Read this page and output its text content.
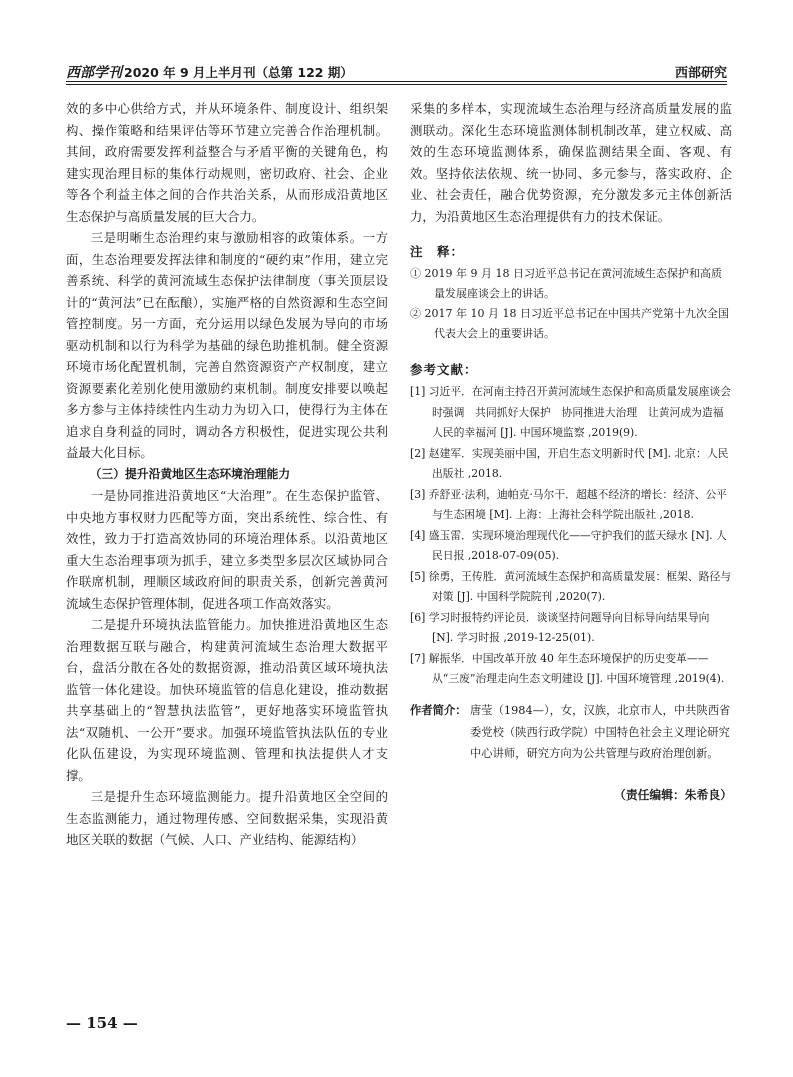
西部学刊 2020 年 9 月上半月刊（总第 122 期）	西部研究

效的多中心供给方式，并从环境条件、制度设计、组织架构、操作策略和结果评估等环节建立完善合作治理机制。其间，政府需要发挥利益整合与矛盾平衡的关键角色，构建实现治理目标的集体行动规则，密切政府、社会、企业等各个利益主体之间的合作共治关系，从而形成沿黄地区生态保护与高质量发展的巨大合力。

三是明晰生态治理约束与激励相容的政策体系。一方面，生态治理要发挥法律和制度的“硬约束”作用，建立完善系统、科学的黄河流域生态保护法律制度（事关顶层设计的“黄河法”已在酝酿），实施严格的自然资源和生态空间管控制度。另一方面，充分运用以绿色发展为导向的市场驱动机制和以行为科学为基础的绿色助推机制。健全资源环境市场化配置机制，完善自然资源资产产权制度，建立资源要素化差别化使用激励约束机制。制度安排要以唤起多方参与主体持续性内生动力为切入口，使得行为主体在追求自身利益的同时，调动各方积极性，促进实现公共利益最大化目标。

（三）提升沿黄地区生态环境治理能力

一是协同推进沿黄地区“大治理”。在生态保护监管、中央地方事权财力匹配等方面，突出系统性、综合性、有效性，致力于打造高效协同的环境治理体系。以沿黄地区重大生态治理事项为抓手，建立多类型多层次区域协同合作联席机制，理顺区域政府间的职责关系，创新完善黄河流域生态保护管理体制，促进各项工作高效落实。

二是提升环境执法监管能力。加快推进沿黄地区生态治理数据互联与融合，构建黄河流域生态治理大数据平台，盘活分散在各处的数据资源，推动沿黄区域环境执法监管一体化建设。加快环境监管的信息化建设，推动数据共享基础上的“智慧执法监管”，更好地落实环境监管执法“双随机、一公开”要求。加强环境监管执法队伍的专业化队伍建设，为实现环境监测、管理和执法提供人才支撑。

三是提升生态环境监测能力。提升沿黄地区全空间的生态监测能力，通过物理传感、空间数据采集，实现沿黄地区关联的数据（气候、人口、产业结构、能源结构）

采集的多样本，实现流域生态治理与经济高质量发展的监测联动。深化生态环境监测体制机制改革，建立权威、高效的生态环境监测体系，确保监测结果全面、客观、有效。坚持依法依规、统一协同、多元参与，落实政府、企业、社会责任，融合优势资源，充分激发多元主体创新活力，为沿黄地区生态治理提供有力的技术保证。

注　释：

① 2019 年 9 月 18 日习近平总书记在黄河流域生态保护和高质量发展座谈会上的讲话。

② 2017 年 10 月 18 日习近平总书记在中国共产党第十九次全国代表大会上的重要讲话。

参考文献：

[1] 习近平．在河南主持召开黄河流域生态保护和高质量发展座谈会时强调　共同抓好大保护　协同推进大治理　让黄河成为造福人民的幸福河 [J]. 中国环境监察 ,2019(9).

[2] 赵建军．实现美丽中国，开启生态文明新时代 [M]. 北京：人民出版社 ,2018.

[3] 乔舒亚·法利，迪帕克·马尔干．超越不经济的增长：经济、公平与生态困境 [M]. 上海：上海社会科学院出版社 ,2018.

[4] 盛玉雷．实现环境治理现代化——守护我们的蓝天绿水 [N]. 人民日报 ,2018-07-09(05).

[5] 徐勇，王传胜．黄河流域生态保护和高质量发展：框架、路径与对策 [J]. 中国科学院院刊 ,2020(7).

[6] 学习时报特约评论员．谈谈坚持问题导向目标导向结果导向 [N]. 学习时报 ,2019-12-25(01).

[7] 解振华．中国改革开放 40 年生态环境保护的历史变革——从“三废”治理走向生态文明建设 [J]. 中国环境管理 ,2019(4).

作者简介： 唐莹（1984—），女，汉族，北京市人，中共陕西省委党校（陕西行政学院）中国特色社会主义理论研究中心讲师，研究方向为公共管理与政府治理创新。
（责任编辑：朱希良）
— 154 —
